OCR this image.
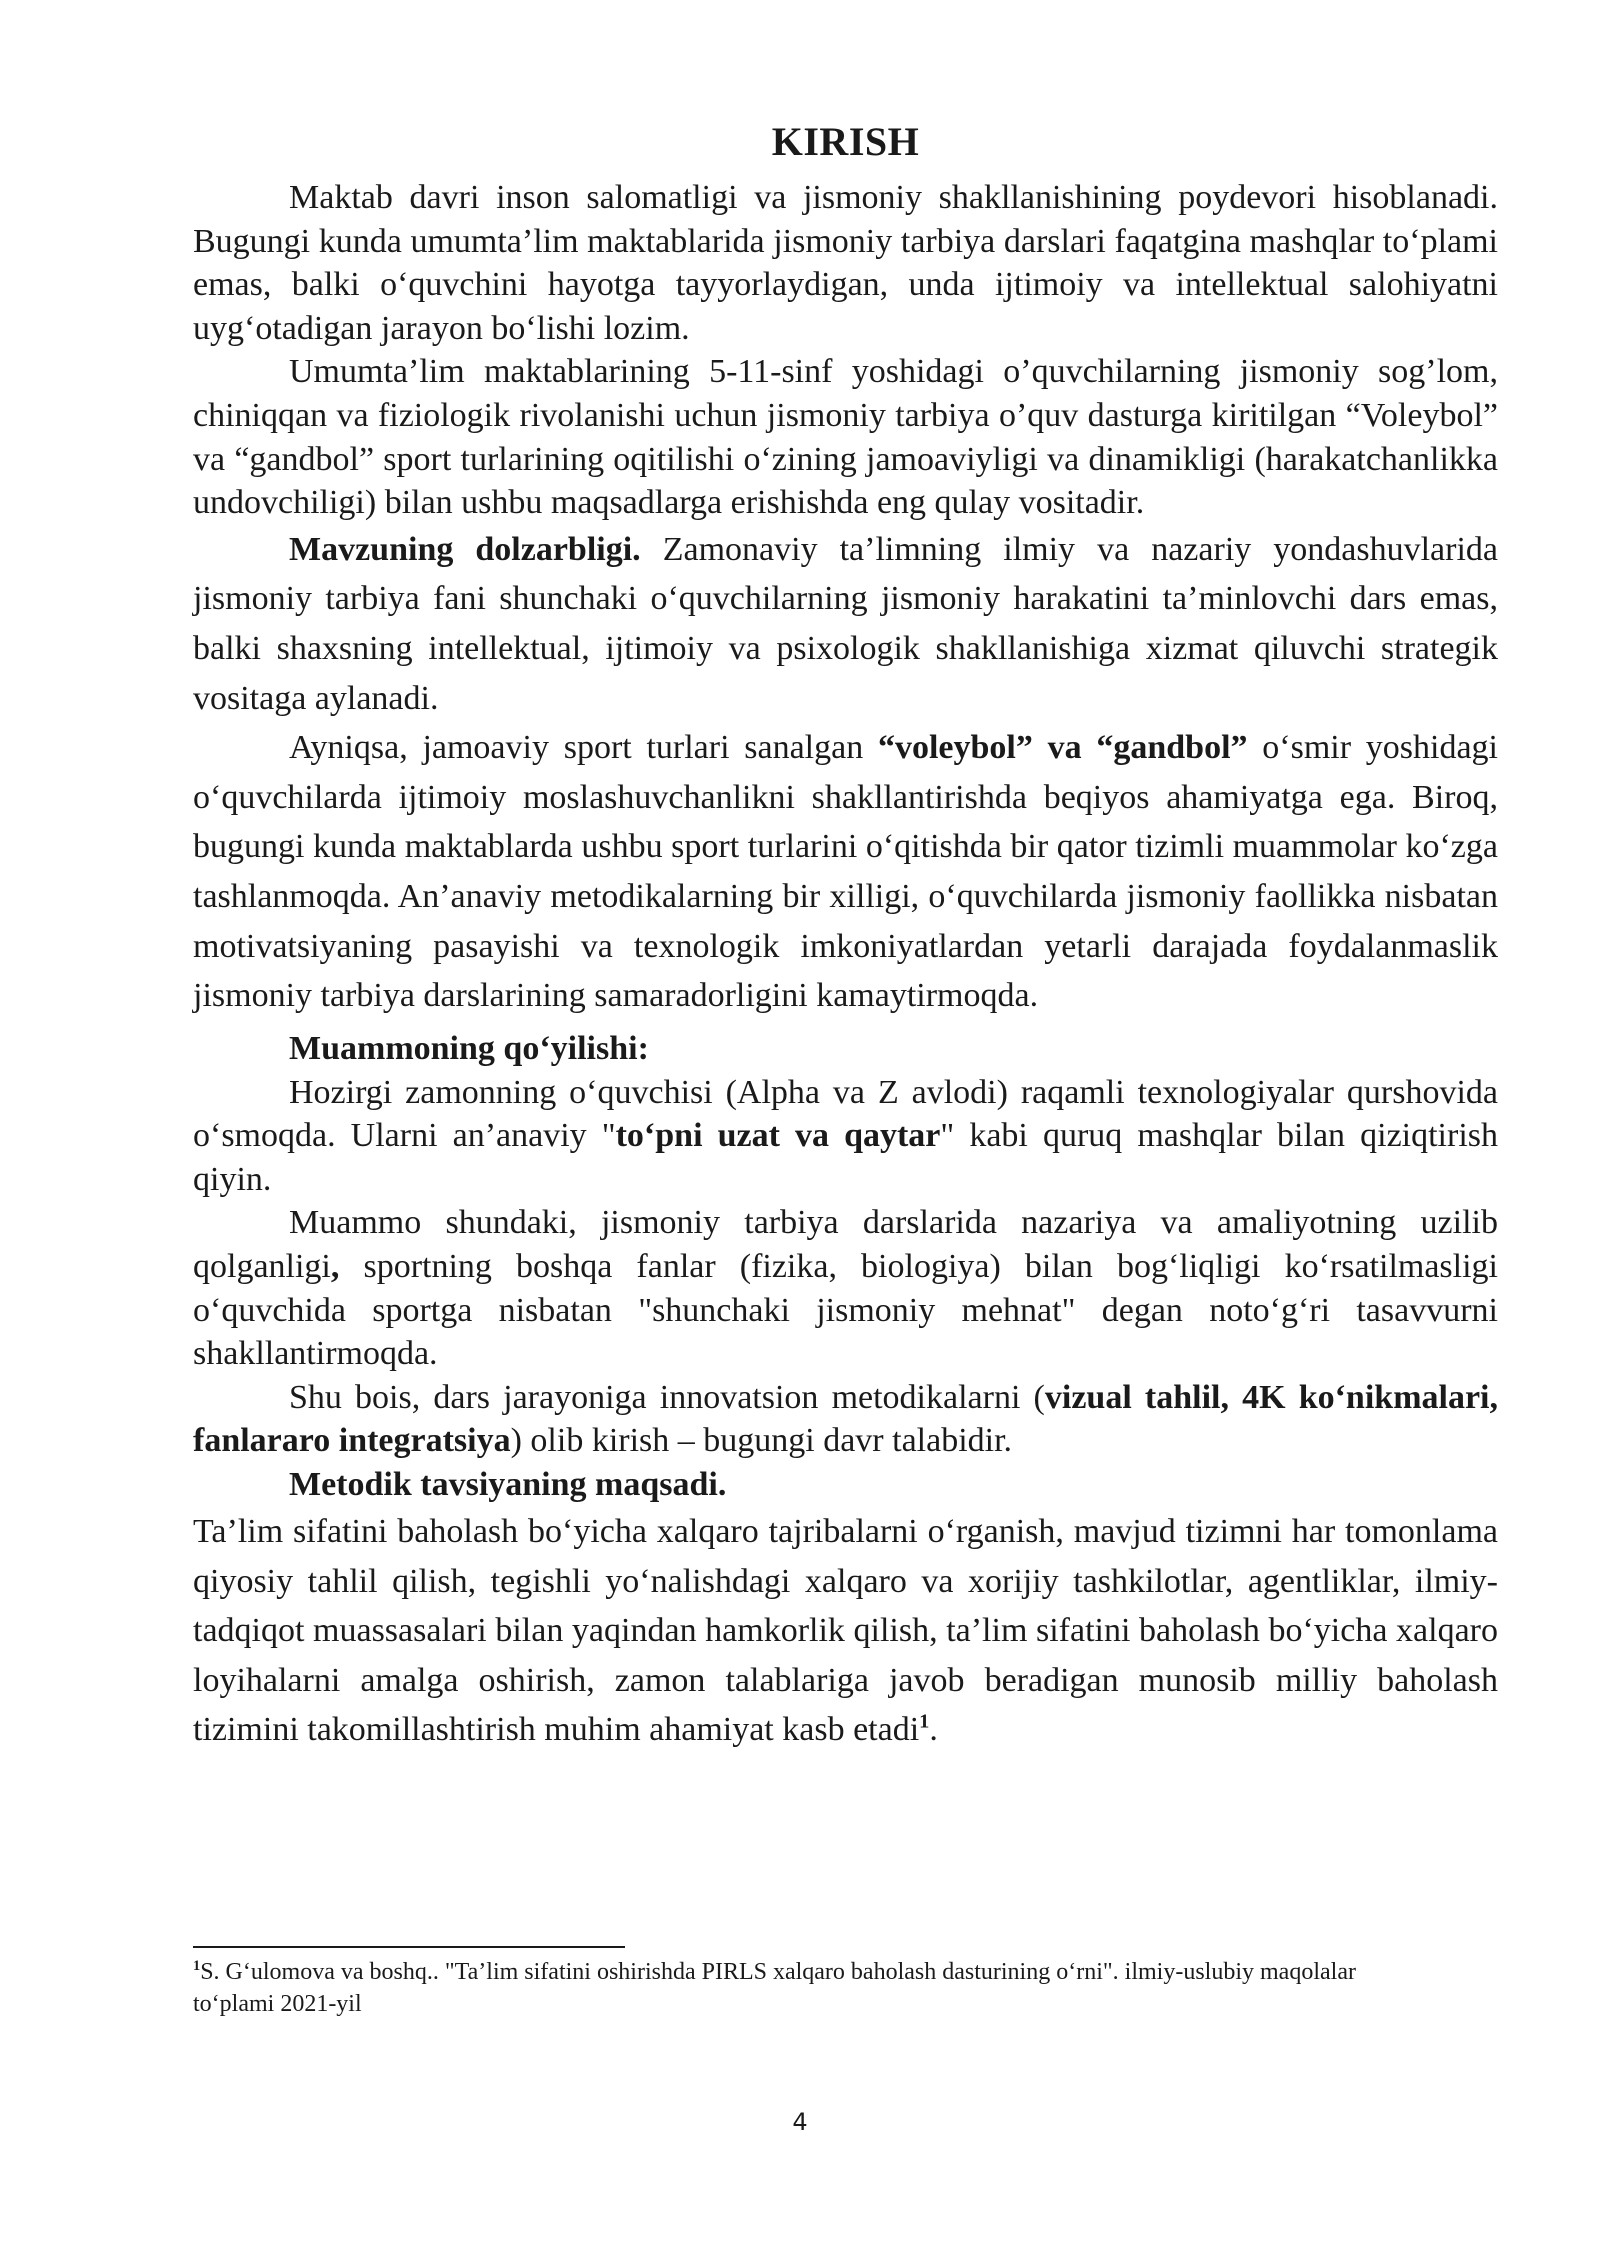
KIRISH

Maktab davri inson salomatligi va jismoniy shakllanishining poydevori hisoblanadi. Bugungi kunda umumta’lim maktablarida jismoniy tarbiya darslari faqatgina mashqlar to‘plami emas, balki o‘quvchini hayotga tayyorlaydigan, unda ijtimoiy va intellektual salohiyatni uyg‘otadigan jarayon bo‘lishi lozim.

Umumta’lim maktablarining 5-11-sinf yoshidagi o’quvchilarning jismoniy sog’lom, chiniqqan va fiziologik rivolanishi uchun jismoniy tarbiya o’quv dasturga kiritilgan “Voleybol” va “gandbol” sport turlarining oqitilishi o‘zining jamoaviyligi va dinamikligi (harakatchanlikka undovchiligi) bilan ushbu maqsadlarga erishishda eng qulay vositadir.

Mavzuning dolzarbligi. Zamonaviy ta’limning ilmiy va nazariy yondashuvlarida jismoniy tarbiya fani shunchaki o‘quvchilarning jismoniy harakatini ta’minlovchi dars emas, balki shaxsning intellektual, ijtimoiy va psixologik shakllanishiga xizmat qiluvchi strategik vositaga aylanadi.

Ayniqsa, jamoaviy sport turlari sanalgan “voleybol” va “gandbol” o‘smir yoshidagi o‘quvchilarda ijtimoiy moslashuvchanlikni shakllantirishda beqiyos ahamiyatga ega. Biroq, bugungi kunda maktablarda ushbu sport turlarini o‘qitishda bir qator tizimli muammolar ko‘zga tashlanmoqda. An’anaviy metodikalarning bir xilligi, o‘quvchilarda jismoniy faollikka nisbatan motivatsiyaning pasayishi va texnologik imkoniyatlardan yetarli darajada foydalanmaslik jismoniy tarbiya darslarining samaradorligini kamaytirmoqda.

Muammoning qo‘yilishi:

Hozirgi zamonning o‘quvchisi (Alpha va Z avlodi) raqamli texnologiyalar qurshovida o‘smoqda. Ularni an’anaviy "to‘pni uzat va qaytar" kabi quruq mashqlar bilan qiziqtirish qiyin.

Muammo shundaki, jismoniy tarbiya darslarida nazariya va amaliyotning uzilib qolganligi, sportning boshqa fanlar (fizika, biologiya) bilan bog‘liqligi ko‘rsatilmasligi o‘quvchida sportga nisbatan "shunchaki jismoniy mehnat" degan noto‘g‘ri tasavvurni shakllantirmoqda.

Shu bois, dars jarayoniga innovatsion metodikalarni (vizual tahlil, 4K ko‘nikmalari, fanlararo integratsiya) olib kirish – bugungi davr talabidir.

Metodik tavsiyaning maqsadi.

Ta’lim sifatini baholash bo‘yicha xalqaro tajribalarni o‘rganish, mavjud tizimni har tomonlama qiyosiy tahlil qilish, tegishli yo‘nalishdagi xalqaro va xorijiy tashkilotlar, agentliklar, ilmiy-tadqiqot muassasalari bilan yaqindan hamkorlik qilish, ta’lim sifatini baholash bo‘yicha xalqaro loyihalarni amalga oshirish, zamon talablariga javob beradigan munosib milliy baholash tizimini takomillashtirish muhim ahamiyat kasb etadi$^1$.

$^1$S. G‘ulomova va boshq.. "Ta’lim sifatini oshirishda PIRLS xalqaro baholash dasturining o‘rni". ilmiy-uslubiy maqolalar to‘plami 2021-yil

4
